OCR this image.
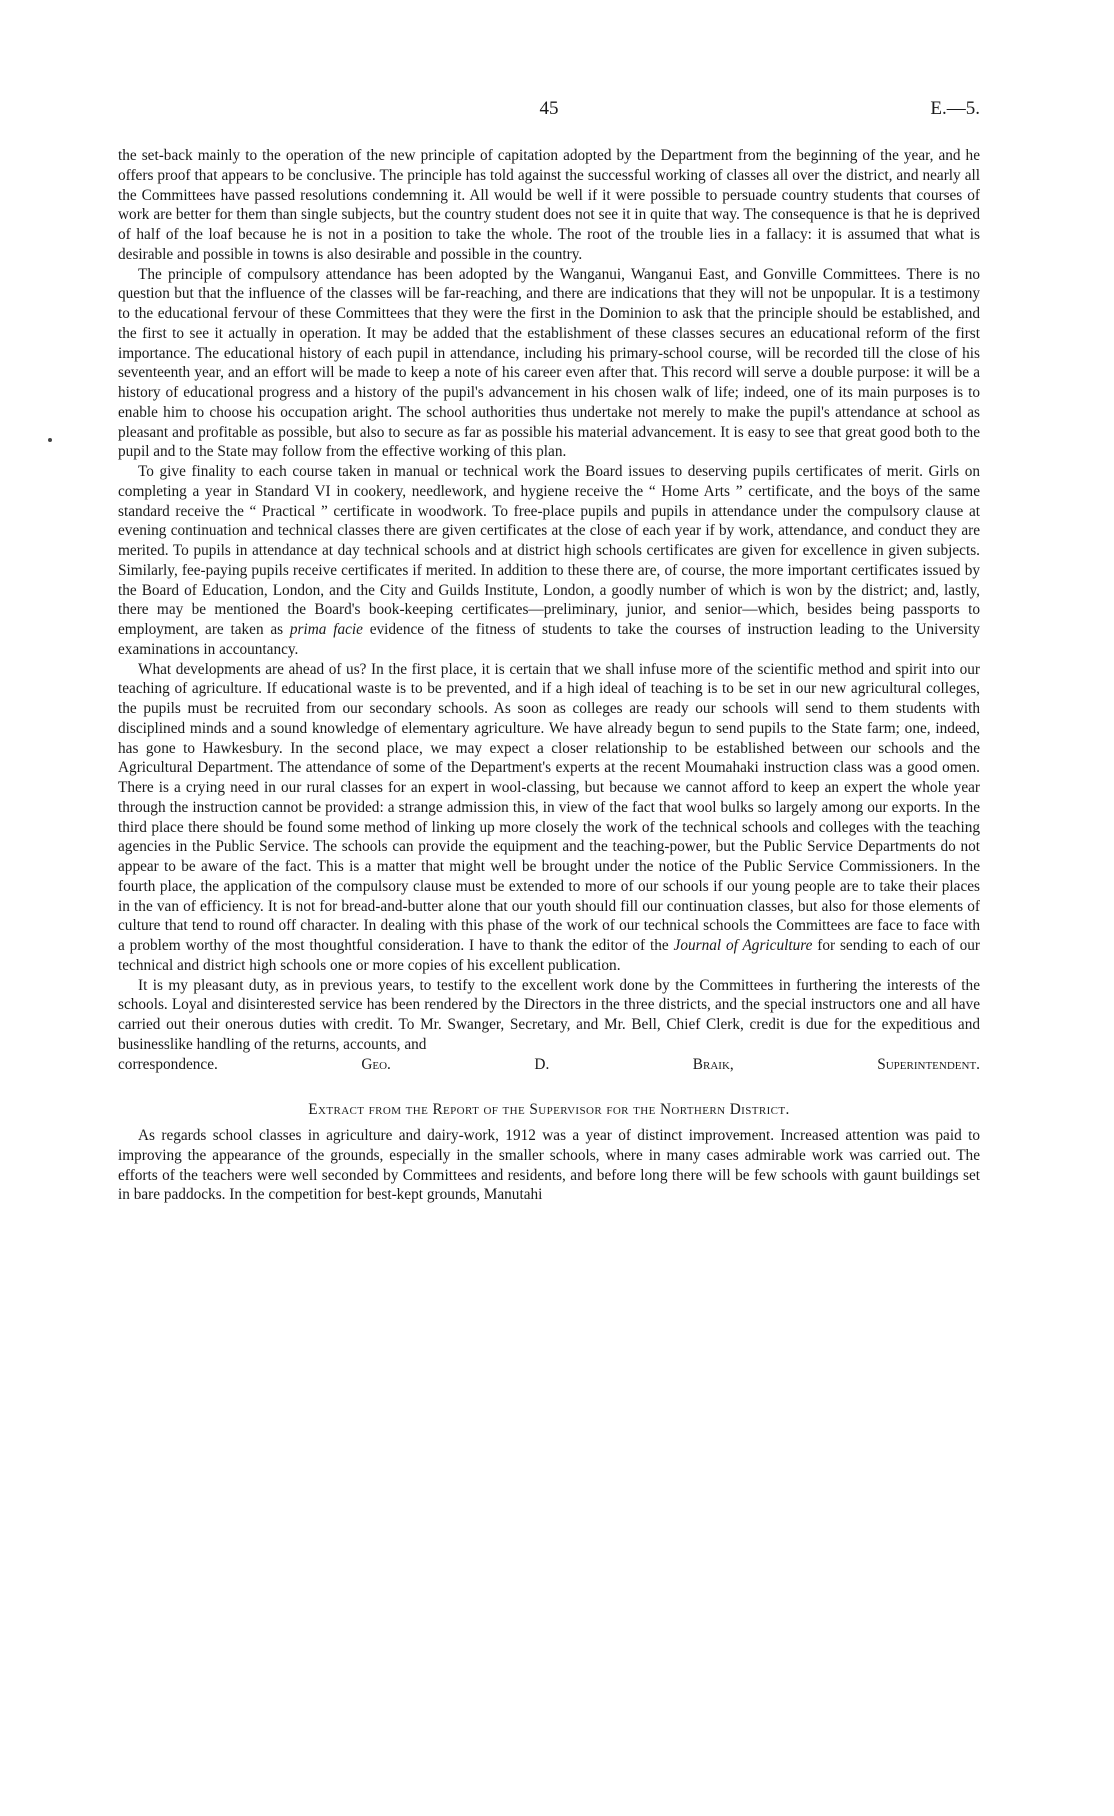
45	E.—5.

the set-back mainly to the operation of the new principle of capitation adopted by the Department from the beginning of the year, and he offers proof that appears to be conclusive. The principle has told against the successful working of classes all over the district, and nearly all the Committees have passed resolutions condemning it. All would be well if it were possible to persuade country students that courses of work are better for them than single subjects, but the country student does not see it in quite that way. The consequence is that he is deprived of half of the loaf because he is not in a position to take the whole. The root of the trouble lies in a fallacy: it is assumed that what is desirable and possible in towns is also desirable and possible in the country.

The principle of compulsory attendance has been adopted by the Wanganui, Wanganui East, and Gonville Committees. There is no question but that the influence of the classes will be far-reaching, and there are indications that they will not be unpopular. It is a testimony to the educational fervour of these Committees that they were the first in the Dominion to ask that the principle should be established, and the first to see it actually in operation. It may be added that the establishment of these classes secures an educational reform of the first importance. The educational history of each pupil in attendance, including his primary-school course, will be recorded till the close of his seventeenth year, and an effort will be made to keep a note of his career even after that. This record will serve a double purpose: it will be a history of educational progress and a history of the pupil's advancement in his chosen walk of life; indeed, one of its main purposes is to enable him to choose his occupation aright. The school authorities thus undertake not merely to make the pupil's attendance at school as pleasant and profitable as possible, but also to secure as far as possible his material advancement. It is easy to see that great good both to the pupil and to the State may follow from the effective working of this plan.

To give finality to each course taken in manual or technical work the Board issues to deserving pupils certificates of merit. Girls on completing a year in Standard VI in cookery, needlework, and hygiene receive the “ Home Arts ” certificate, and the boys of the same standard receive the “ Practical ” certificate in woodwork. To free-place pupils and pupils in attendance under the compulsory clause at evening continuation and technical classes there are given certificates at the close of each year if by work, attendance, and conduct they are merited. To pupils in attendance at day technical schools and at district high schools certificates are given for excellence in given subjects. Similarly, fee-paying pupils receive certificates if merited. In addition to these there are, of course, the more important certificates issued by the Board of Education, London, and the City and Guilds Institute, London, a goodly number of which is won by the district; and, lastly, there may be mentioned the Board's book-keeping certificates—preliminary, junior, and senior—which, besides being passports to employment, are taken as prima facie evidence of the fitness of students to take the courses of instruction leading to the University examinations in accountancy.

What developments are ahead of us? In the first place, it is certain that we shall infuse more of the scientific method and spirit into our teaching of agriculture. If educational waste is to be prevented, and if a high ideal of teaching is to be set in our new agricultural colleges, the pupils must be recruited from our secondary schools. As soon as colleges are ready our schools will send to them students with disciplined minds and a sound knowledge of elementary agriculture. We have already begun to send pupils to the State farm; one, indeed, has gone to Hawkesbury. In the second place, we may expect a closer relationship to be established between our schools and the Agricultural Department. The attendance of some of the Department's experts at the recent Moumahaki instruction class was a good omen. There is a crying need in our rural classes for an expert in wool-classing, but because we cannot afford to keep an expert the whole year through the instruction cannot be provided: a strange admission this, in view of the fact that wool bulks so largely among our exports. In the third place there should be found some method of linking up more closely the work of the technical schools and colleges with the teaching agencies in the Public Service. The schools can provide the equipment and the teaching-power, but the Public Service Departments do not appear to be aware of the fact. This is a matter that might well be brought under the notice of the Public Service Commissioners. In the fourth place, the application of the compulsory clause must be extended to more of our schools if our young people are to take their places in the van of efficiency. It is not for bread-and-butter alone that our youth should fill our continuation classes, but also for those elements of culture that tend to round off character. In dealing with this phase of the work of our technical schools the Committees are face to face with a problem worthy of the most thoughtful consideration. I have to thank the editor of the Journal of Agriculture for sending to each of our technical and district high schools one or more copies of his excellent publication.

It is my pleasant duty, as in previous years, to testify to the excellent work done by the Committees in furthering the interests of the schools. Loyal and disinterested service has been rendered by the Directors in the three districts, and the special instructors one and all have carried out their onerous duties with credit. To Mr. Swanger, Secretary, and Mr. Bell, Chief Clerk, credit is due for the expeditious and businesslike handling of the returns, accounts, and

correspondence.	Geo. D. Braik, Superintendent.

Extract from the Report of the Supervisor for the Northern District.

As regards school classes in agriculture and dairy-work, 1912 was a year of distinct improvement. Increased attention was paid to improving the appearance of the grounds, especially in the smaller schools, where in many cases admirable work was carried out. The efforts of the teachers were well seconded by Committees and residents, and before long there will be few schools with gaunt buildings set in bare paddocks. In the competition for best-kept grounds, Manutahi
